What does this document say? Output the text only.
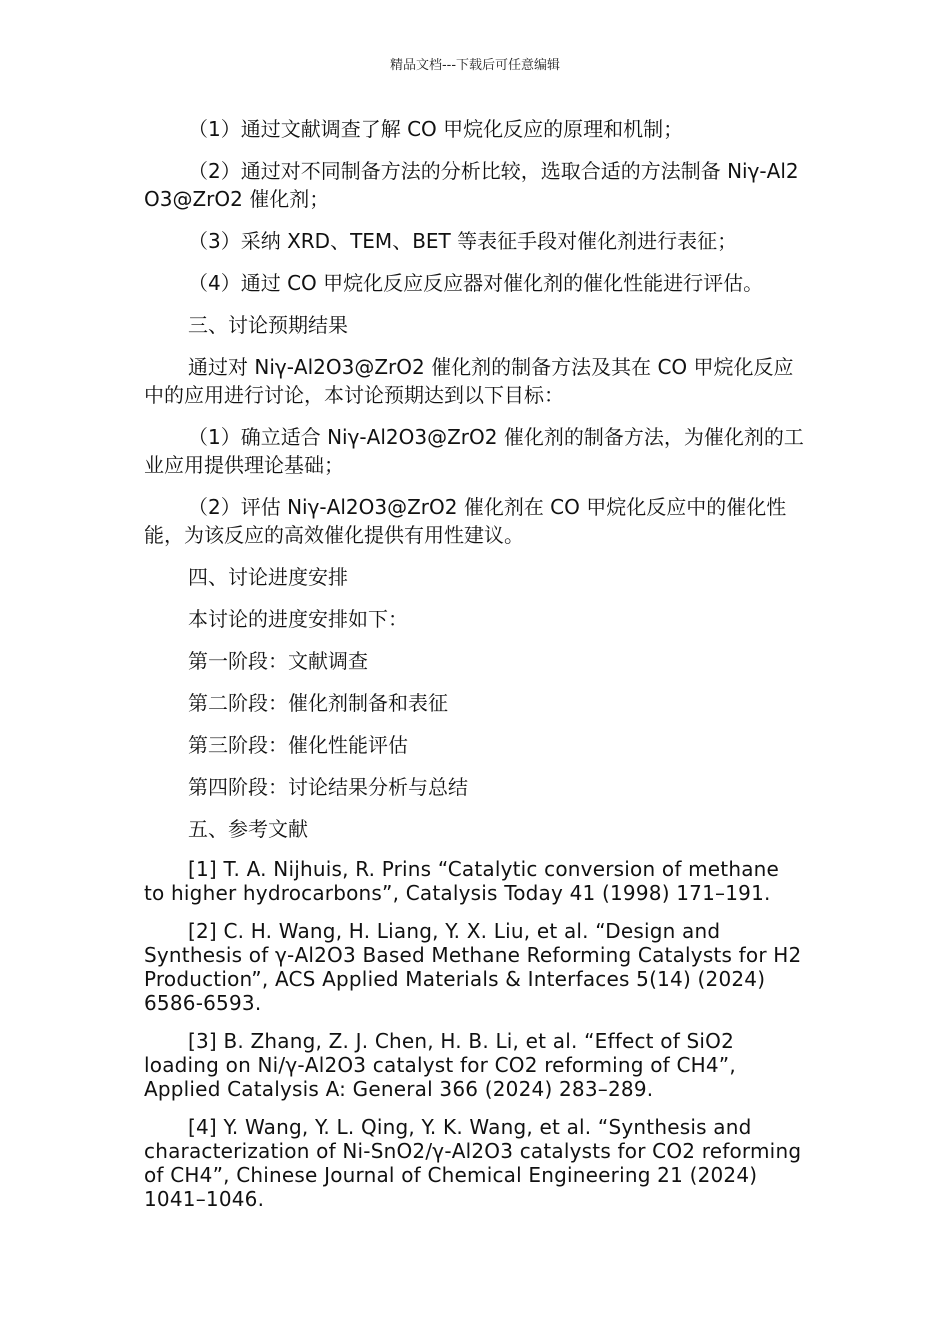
精品文档---下载后可任意编辑

（1）通过文献调查了解 CO 甲烷化反应的原理和机制；

（2）通过对不同制备方法的分析比较，选取合适的方法制备 Niγ-Al2O3@ZrO2 催化剂；

（3）采纳 XRD、TEM、BET 等表征手段对催化剂进行表征；

（4）通过 CO 甲烷化反应反应器对催化剂的催化性能进行评估。

三、讨论预期结果

通过对 Niγ-Al2O3@ZrO2 催化剂的制备方法及其在 CO 甲烷化反应中的应用进行讨论，本讨论预期达到以下目标：

（1）确立适合 Niγ-Al2O3@ZrO2 催化剂的制备方法，为催化剂的工业应用提供理论基础；

（2）评估 Niγ-Al2O3@ZrO2 催化剂在 CO 甲烷化反应中的催化性能，为该反应的高效催化提供有用性建议。

四、讨论进度安排

本讨论的进度安排如下：

第一阶段：文献调查

第二阶段：催化剂制备和表征

第三阶段：催化性能评估

第四阶段：讨论结果分析与总结

五、参考文献

[1] T. A. Nijhuis, R. Prins “Catalytic conversion of methane to higher hydrocarbons”, Catalysis Today 41 (1998) 171–191.

[2] C. H. Wang, H. Liang, Y. X. Liu, et al. “Design and Synthesis of γ-Al2O3 Based Methane Reforming Catalysts for H2 Production”, ACS Applied Materials & Interfaces 5(14) (2024) 6586-6593.

[3] B. Zhang, Z. J. Chen, H. B. Li, et al. “Effect of SiO2 loading on Ni/γ-Al2O3 catalyst for CO2 reforming of CH4”, Applied Catalysis A: General 366 (2024) 283–289.

[4] Y. Wang, Y. L. Qing, Y. K. Wang, et al. “Synthesis and characterization of Ni-SnO2/γ-Al2O3 catalysts for CO2 reforming of CH4”, Chinese Journal of Chemical Engineering 21 (2024) 1041–1046.
